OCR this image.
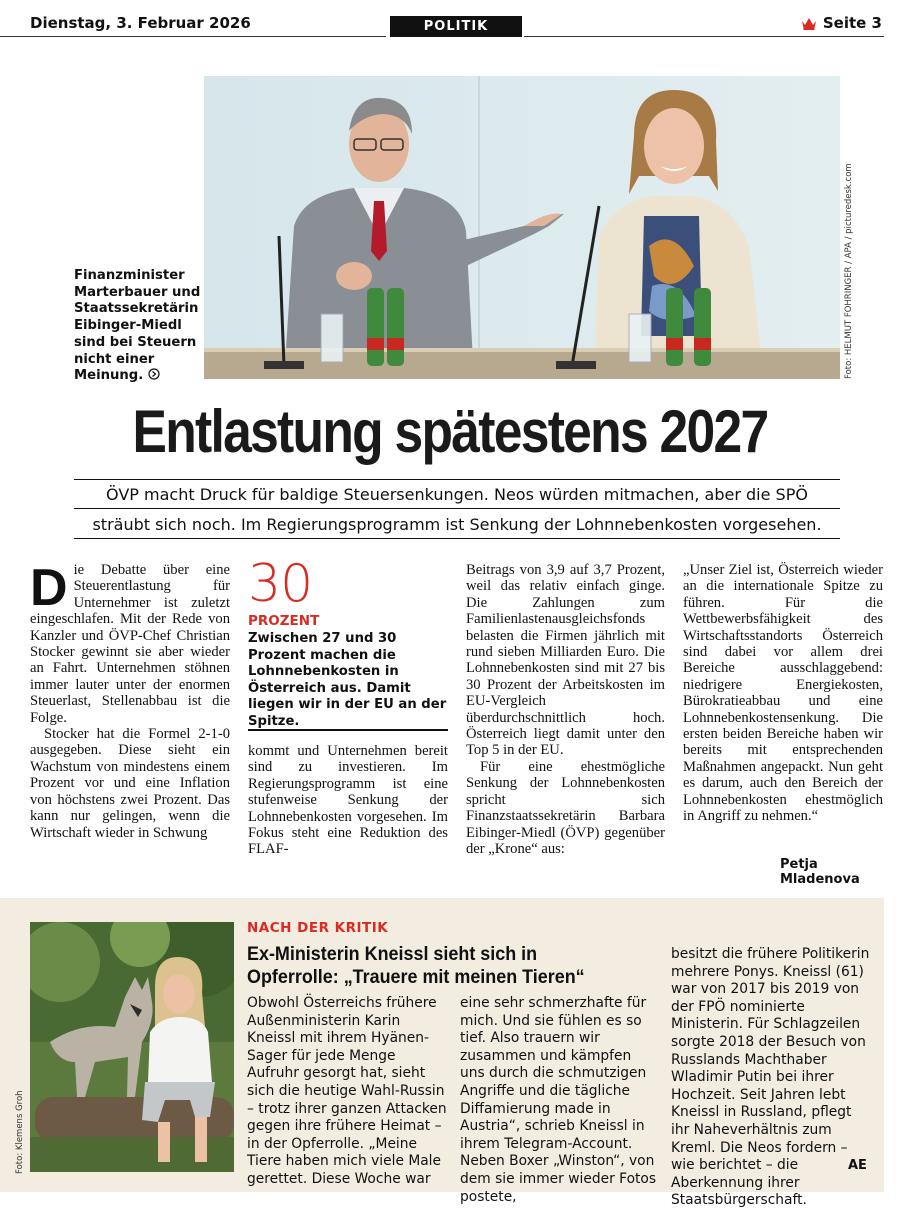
Dienstag, 3. Februar 2026	POLITIK	Seite 3
Foto: HELMUT FOHRINGER / APA / picturedesk.com
Finanzminister Marterbauer und Staatssekretärin Eibinger-Miedl sind bei Steuern nicht einer Meinung.
Entlastung spätestens 2027
ÖVP macht Druck für baldige Steuersenkungen. Neos würden mitmachen, aber die SPÖ
sträubt sich noch. Im Regierungsprogramm ist Senkung der Lohnnebenkosten vorgesehen.

Die Debatte über eine Steuerentlastung für Unternehmer ist zuletzt eingeschlafen. Mit der Rede von Kanzler und ÖVP-Chef Christian Stocker gewinnt sie aber wieder an Fahrt. Unternehmen stöhnen immer lauter unter der enormen Steuerlast, Stellenabbau ist die Folge.

Stocker hat die Formel 2-1-0 ausgegeben. Diese sieht ein Wachstum von mindestens einem Prozent vor und eine Inflation von höchstens zwei Prozent. Das kann nur gelingen, wenn die Wirtschaft wieder in Schwung

30
PROZENT
Zwischen 27 und 30 Prozent machen die Lohnnebenkosten in Österreich aus. Damit liegen wir in der EU an der Spitze.

kommt und Unternehmen bereit sind zu investieren. Im Regierungsprogramm ist eine stufenweise Senkung der Lohnnebenkosten vorgesehen. Im Fokus steht eine Reduktion des FLAF-

Beitrags von 3,9 auf 3,7 Prozent, weil das relativ einfach ginge. Die Zahlungen zum Familienlastenausgleichsfonds belasten die Firmen jährlich mit rund sieben Milliarden Euro. Die Lohnnebenkosten sind mit 27 bis 30 Prozent der Arbeitskosten im EU-Vergleich überdurchschnittlich hoch. Österreich liegt damit unter den Top 5 in der EU.

Für eine ehestmögliche Senkung der Lohnnebenkosten spricht sich Finanzstaatssekretärin Barbara Eibinger-Miedl (ÖVP) gegenüber der „Krone“ aus:

„Unser Ziel ist, Österreich wieder an die internationale Spitze zu führen. Für die Wettbewerbsfähigkeit des Wirtschaftsstandorts Österreich sind dabei vor allem drei Bereiche ausschlaggebend: niedrigere Energiekosten, Bürokratieabbau und eine Lohnnebenkostensenkung. Die ersten beiden Bereiche haben wir bereits mit entsprechenden Maßnahmen angepackt. Nun geht es darum, auch den Bereich der Lohnnebenkosten ehestmöglich in Angriff zu nehmen.“

Petja Mladenova
Foto: Klemens Groh
NACH DER KRITIK
Ex-Ministerin Kneissl sieht sich in Opferrolle: „Trauere mit meinen Tieren“
Obwohl Österreichs frühere Außenministerin Karin Kneissl mit ihrem Hyänen-Sager für jede Menge Aufruhr gesorgt hat, sieht sich die heutige Wahl-Russin – trotz ihrer ganzen Attacken gegen ihre frühere Heimat – in der Opferrolle. „Meine Tiere haben mich viele Male gerettet. Diese Woche war
eine sehr schmerzhafte für mich. Und sie fühlen es so tief. Also trauern wir zusammen und kämpfen uns durch die schmutzigen Angriffe und die tägliche Diffamierung made in Austria“, schrieb Kneissl in ihrem Telegram-Account. Neben Boxer „Winston“, von dem sie immer wieder Fotos postete,
besitzt die frühere Politikerin mehrere Ponys. Kneissl (61) war von 2017 bis 2019 von der FPÖ nominierte Ministerin. Für Schlagzeilen sorgte 2018 der Besuch von Russlands Machthaber Wladimir Putin bei ihrer Hochzeit. Seit Jahren lebt Kneissl in Russland, pflegt ihr Naheverhältnis zum Kreml. Die Neos fordern – wie berichtet – die Aberkennung ihrer Staatsbürgerschaft.
AE
